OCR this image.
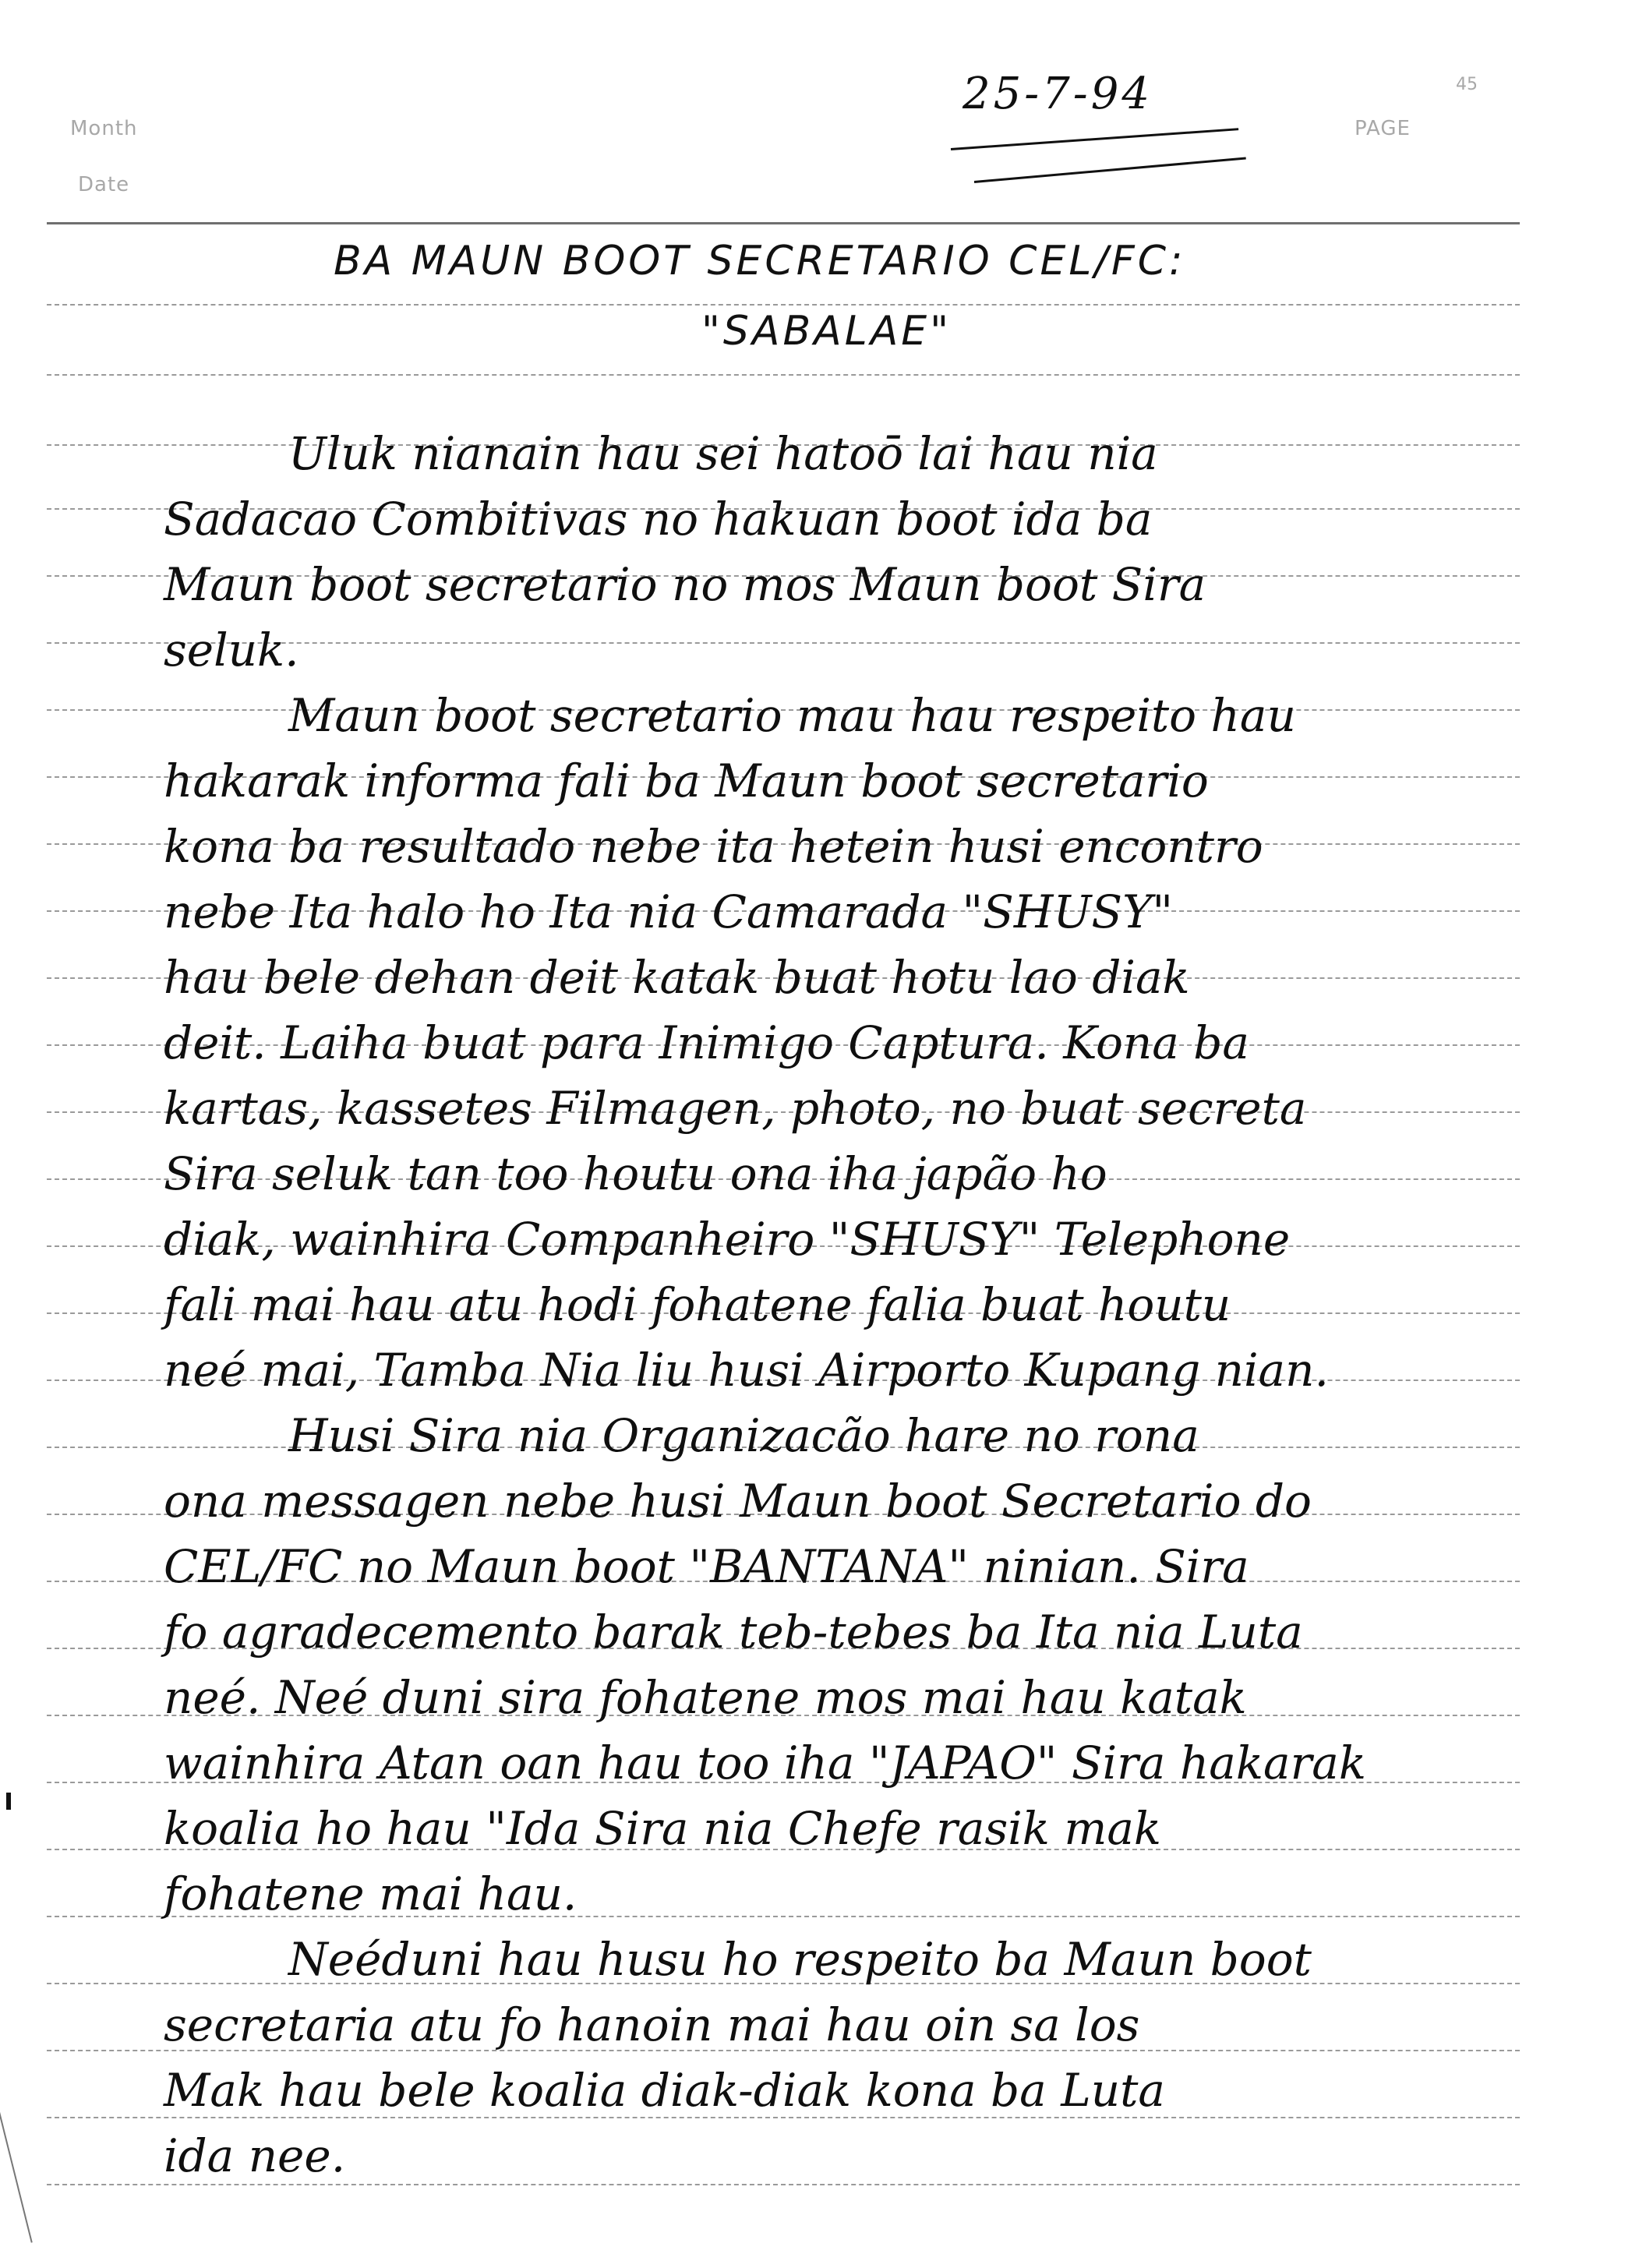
Month
Date
PAGE
45
25-7-94
BA MAUN BOOT SECRETARIO CEL/FC:
"SABALAE"
Uluk nianain hau sei hatoō lai hau nia
Sadacao Combitivas no hakuan boot ida ba
Maun boot secretario no mos Maun boot Sira
seluk.
Maun boot secretario mau hau respeito hau
hakarak informa fali ba Maun boot secretario
kona ba resultado nebe ita hetein husi encontro
nebe Ita halo ho Ita nia Camarada "SHUSY"
hau bele dehan deit katak buat hotu lao diak
deit. Laiha buat para Inimigo Captura. Kona ba
kartas, kassetes Filmagen, photo, no buat secreta
Sira seluk tan too houtu ona iha japão ho
diak, wainhira Companheiro "SHUSY" Telephone
fali mai hau atu hodi fohatene falia buat houtu
neé mai, Tamba Nia liu husi Airporto Kupang nian.
Husi Sira nia Organizacão hare no rona
ona messagen nebe husi Maun boot Secretario do
CEL/FC no Maun boot "BANTANA" ninian. Sira
fo agradecemento barak teb-tebes ba Ita nia Luta
neé. Neé duni sira fohatene mos mai hau katak
wainhira Atan oan hau too iha "JAPAO" Sira hakarak
koalia ho hau "Ida Sira nia Chefe rasik mak
fohatene mai hau.
Neéduni hau husu ho respeito ba Maun boot
secretaria atu fo hanoin mai hau oin sa los
Mak hau bele koalia diak-diak kona ba Luta
ida nee.
